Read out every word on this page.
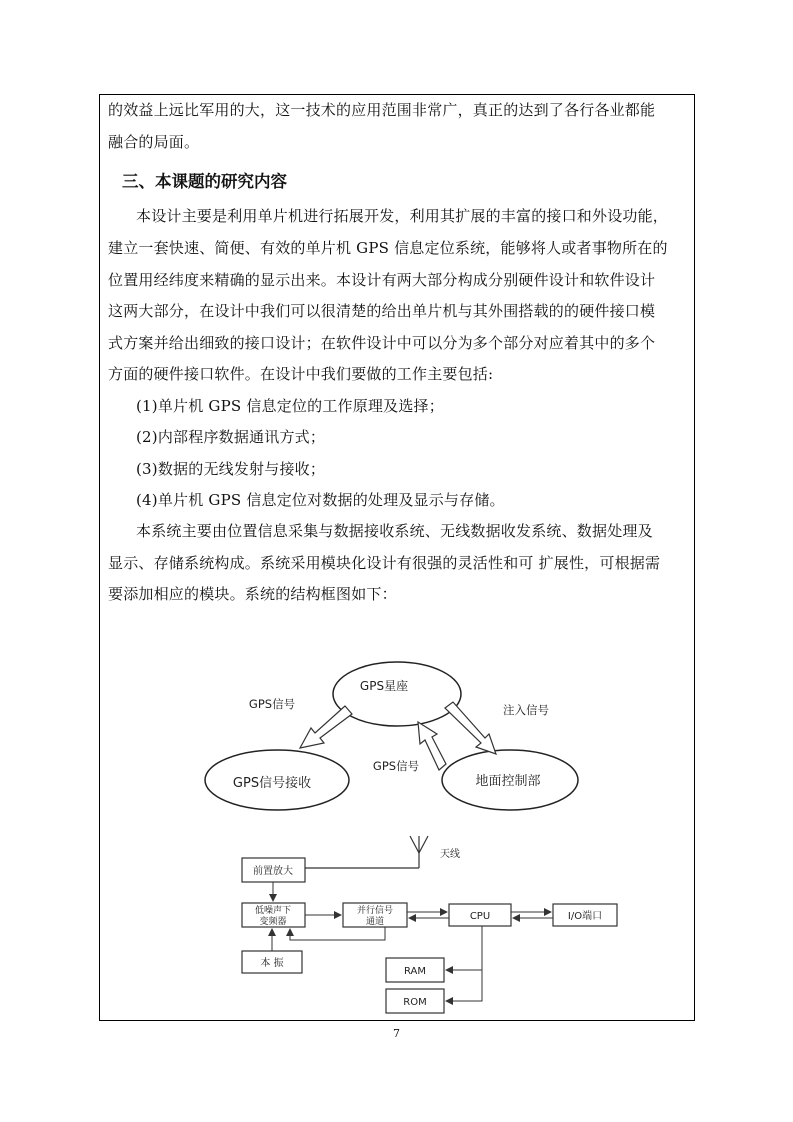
的效益上远比军用的大，这一技术的应用范围非常广，真正的达到了各行各业都能
融合的局面。
三、本课题的研究内容
本设计主要是利用单片机进行拓展开发，利用其扩展的丰富的接口和外设功能，
建立一套快速、简便、有效的单片机 GPS 信息定位系统，能够将人或者事物所在的
位置用经纬度来精确的显示出来。本设计有两大部分构成分别硬件设计和软件设计
这两大部分，在设计中我们可以很清楚的给出单片机与其外围搭载的的硬件接口模
式方案并给出细致的接口设计；在软件设计中可以分为多个部分对应着其中的多个
方面的硬件接口软件。在设计中我们要做的工作主要包括:
(1)单片机 GPS 信息定位的工作原理及选择；
(2)内部程序数据通讯方式；
(3)数据的无线发射与接收；
(4)单片机 GPS 信息定位对数据的处理及显示与存储。
本系统主要由位置信息采集与数据接收系统、无线数据收发系统、数据处理及
显示、存储系统构成。系统采用模块化设计有很强的灵活性和可 扩展性，可根据需
要添加相应的模块。系统的结构框图如下：
GPS星座
GPS信号接收	地面控制部
GPS信号
GPS信号
注入信号
天线
前置放大
低噪声下
变频器
本 振
并行信号
通道	CPU	I/O端口
RAM
ROM
7
